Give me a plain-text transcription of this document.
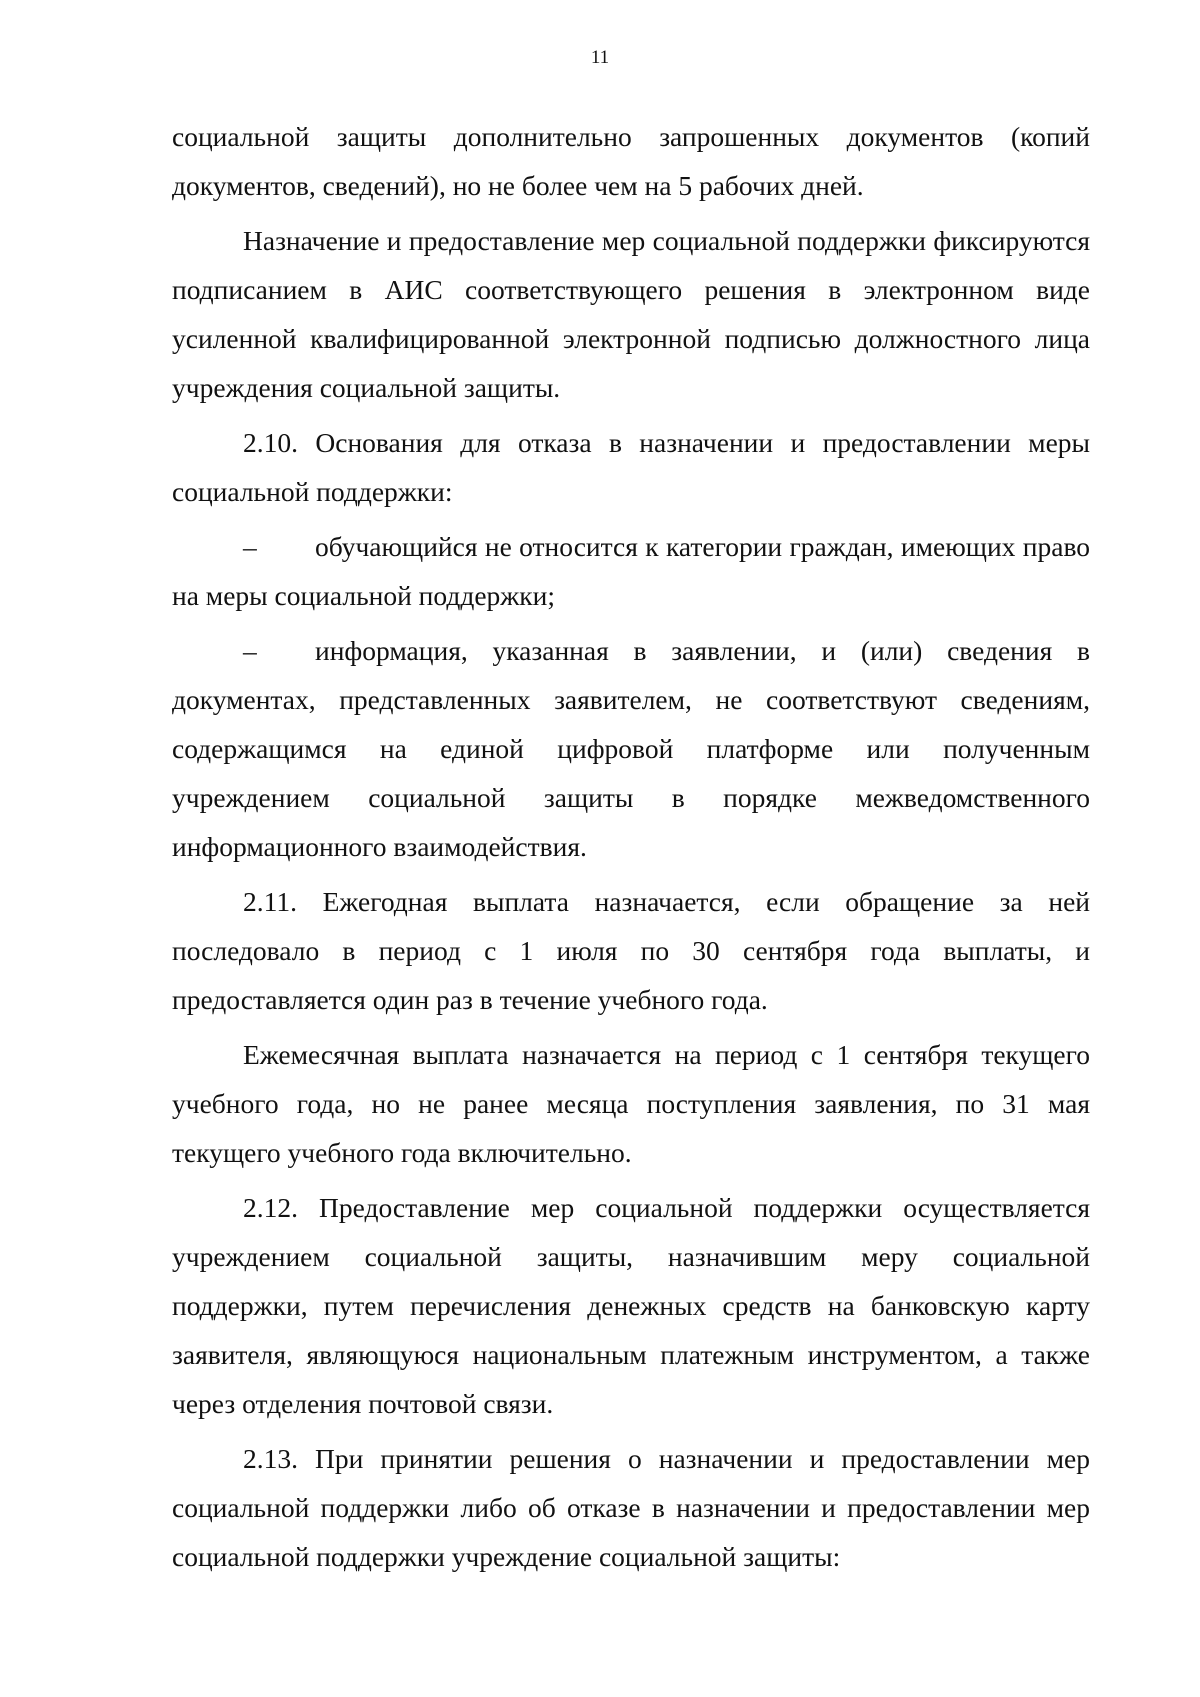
11

социальной защиты дополнительно запрошенных документов (копий документов, сведений), но не более чем на 5 рабочих дней.

Назначение и предоставление мер социальной поддержки фиксируются подписанием в АИС соответствующего решения в электронном виде усиленной квалифицированной электронной подписью должностного лица учреждения социальной защиты.

2.10. Основания для отказа в назначении и предоставлении меры социальной поддержки:

– обучающийся не относится к категории граждан, имеющих право на меры социальной поддержки;

– информация, указанная в заявлении, и (или) сведения в документах, представленных заявителем, не соответствуют сведениям, содержащимся на единой цифровой платформе или полученным учреждением социальной защиты в порядке межведомственного информационного взаимодействия.

2.11. Ежегодная выплата назначается, если обращение за ней последовало в период с 1 июля по 30 сентября года выплаты, и предоставляется один раз в течение учебного года.

Ежемесячная выплата назначается на период с 1 сентября текущего учебного года, но не ранее месяца поступления заявления, по 31 мая текущего учебного года включительно.

2.12. Предоставление мер социальной поддержки осуществляется учреждением социальной защиты, назначившим меру социальной поддержки, путем перечисления денежных средств на банковскую карту заявителя, являющуюся национальным платежным инструментом, а также через отделения почтовой связи.

2.13. При принятии решения о назначении и предоставлении мер социальной поддержки либо об отказе в назначении и предоставлении мер социальной поддержки учреждение социальной защиты:
